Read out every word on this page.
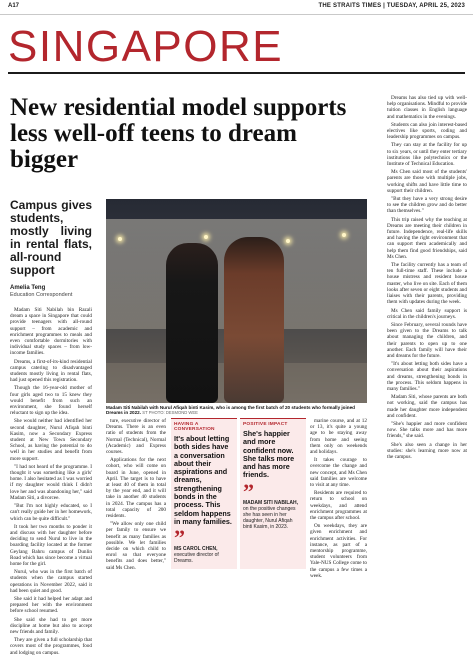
A17	THE STRAITS TIMES | TUESDAY, APRIL 25, 2023
SINGAPORE
New residential model supports less well-off teens to dream bigger

Campus gives students, mostly living in rental flats, all-round support

Amelia Teng

Education Correspondent

Madam Siti Nabilah bin Razali dream a space in Singapore that could provide teenagers with all-round support – from academic and enrichment programmes to meals and even comfortable dormitories with individual study spaces – from low-income families.

Dreams, a first-of-its-kind residential campus catering to disadvantaged students mostly living in rental flats, had just opened this registration.

Though the 16-year-old mother of four girls aged two to 15 knew they would benefit from such an environment, she found herself reluctant to sign up the idea.

She would neither had identified her second daughter, Nurul Afiqah binti Kasim, now a Secondary Express student at New Town Secondary School, as having the potential to do well in her studies and benefit from more support.

"I had not heard of the programme. I thought it was something like a girls' home. I also hesitated as I was worried if my daughter would think I didn't love her and was abandoning her," said Madam Siti, a divorcee.

"But I'm not highly educated, so I can't really guide her in her homework, which can be quite difficult."

It took her two months to ponder it and discuss with her daughter before deciding to send Nurul to live in the boarding facility located at the former Geylang Bahru campus of Dunlin Road which has since become a virtual home for the girl.

Nurul, who was in the first batch of students when the campus started operations in November 2022, said it had been quiet and good.

She said it had helped her adapt and prepared her with the environment before school resumed.

She said she had to get more discipline at home but also to accept new friends and family.

They are given a full scholarship that covers most of the programmes, food and lodging on campus.

Madam Siti Nabilah with Nurul Afiqah binti Kasim, who is among the first batch of 20 students who formally joined Dreams in 2022. ST PHOTO: DESMOND WEE

ture, executive director of Dreams. There is an even ratio of students from the Normal (Technical), Normal (Academic) and Express courses.

Applications for the next cohort, who will come on board in June, opened in April. The target is to have at least 40 of them in total by the year end, and it will take in another 40 students in 2024. The campus has a total capacity of 200 residents.

"We allow only one child per family to ensure we benefit as many families as possible. We let families decide on which child to enrol so that everyone benefits and does better," said Ms Chen.

HAVING A CONVERSATION
It's about letting both sides have a conversation about their aspirations and dreams, strengthening bonds in the process. This seldom happens in many families.
”
MS CAROL CHEN, executive director of Dreams.
POSITIVE IMPACT
She's happier and more confident now. She talks more and has more friends.
”
MADAM SITI NABILAH, on the positive changes she has seen in her daughter, Nurul Afiqah binti Kasim, in 2023.

marine course, and at 12 or 13, it's quite a young age to be staying away from home and seeing them only on weekends and holidays.

It takes courage to overcome the change and new concept, and Ms Chen said families are welcome to visit at any time.

Residents are required to return to school on weekdays, and attend enrichment programmes at the campus after school.

On weekdays, they are given enrichment and enrichment activities. For instance, as part of a mentorship programme, student volunteers from Yale-NUS College come to the campus a few times a week.

Dreams has also tied up with well-help organisations. Mindful to provide tuition classes in English language and mathematics in the evenings.

Students can also join interest-based electives like sports, coding and leadership programmes on campus.

They can stay at the facility for up to six years, or until they enter tertiary institutions like polytechnics or the Institute of Technical Education.

Ms Chen said most of the students' parents are those with multiple jobs, working shifts and have little time to support their children.

"But they have a very strong desire to see the children grow and do better than themselves."

This trip raised why the teaching at Dreams are meeting their children in future. Independence, real-life skills and having the right environment that can support them academically and help them find good friendships, said Ms Chen.

The facility currently has a team of ten full-time staff. These include a house mistress and resident house master, who live on site. Each of them looks after seven or eight students and liaises with their parents, providing them with updates during the week.

Ms Chen said family support is critical in the children's journeys.

Since February, several rounds have been given to the Dreams to talk about managing the children, and their parents to open up to one another. Each family will have their and dreams for the future.

"It's about letting both sides have a conversation about their aspirations and dreams, strengthening bonds in the process. This seldom happens in many families."

Madam Siti, whose parents are both not working, said the campus has made her daughter more independent and confident.

"She's happier and more confident now. She talks more and has more friends," she said.

She's also seen a change in her studies: she's learning more now at the campus.
